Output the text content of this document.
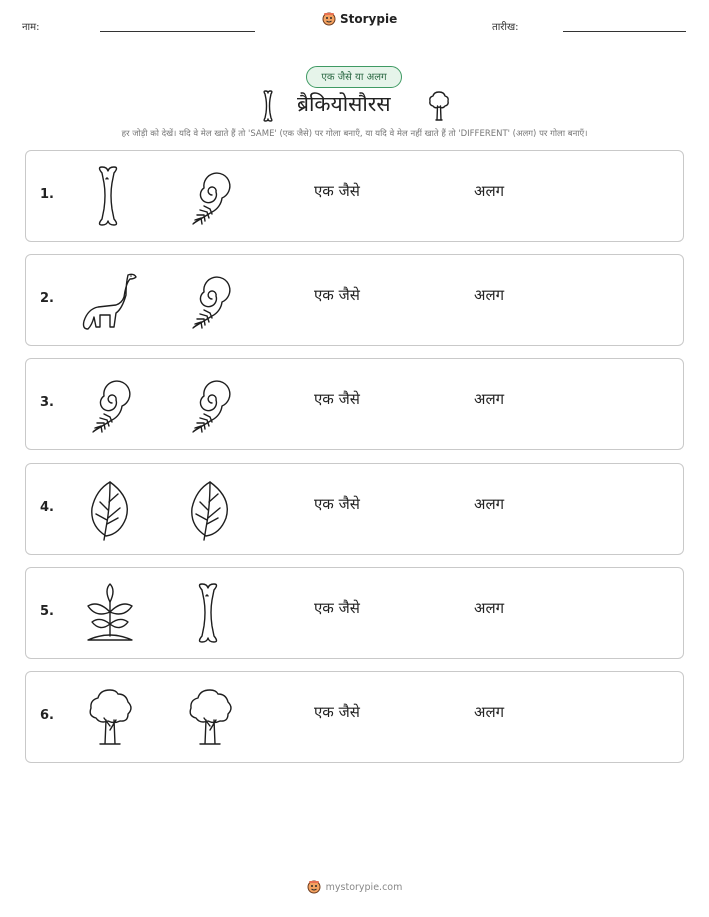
नाम:
Storypie
तारीख:
एक जैसे या अलग
ब्रैकियोसौरस
हर जोड़ी को देखें। यदि वे मेल खाते हैं तो 'SAME' (एक जैसे) पर गोला बनाएँ, या यदि वे मेल नहीं खाते हैं तो 'DIFFERENT' (अलग) पर गोला बनाएँ।
1.	एक जैसे	अलग
2.	एक जैसे	अलग
3.	एक जैसे	अलग
4.	एक जैसे	अलग
5.	एक जैसे	अलग
6.	एक जैसे	अलग
mystorypie.com
